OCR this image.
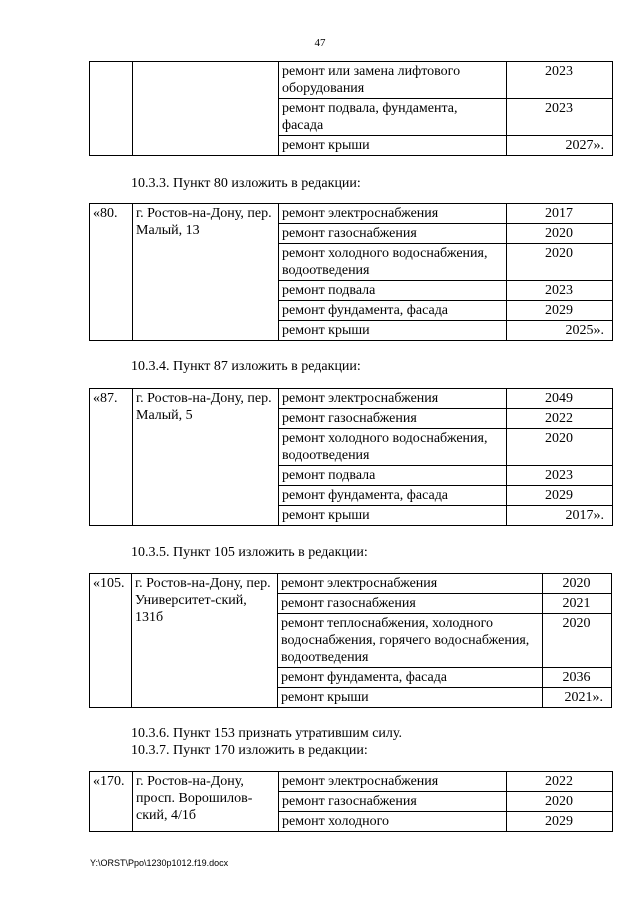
47
		ремонт или замена лифтового оборудования	2023
		ремонт подвала, фундамента, фасада	2023
		ремонт крыши	2027».
10.3.3. Пункт 80 изложить в редакции:
«80.	г. Ростов-на-Дону, пер. Малый, 13	ремонт электроснабжения	2017
		ремонт газоснабжения	2020
		ремонт холодного водоснабжения, водоотведения	2020
		ремонт подвала	2023
		ремонт фундамента, фасада	2029
		ремонт крыши	2025».
10.3.4. Пункт 87 изложить в редакции:
«87.	г. Ростов-на-Дону, пер. Малый, 5	ремонт электроснабжения	2049
		ремонт газоснабжения	2022
		ремонт холодного водоснабжения, водоотведения	2020
		ремонт подвала	2023
		ремонт фундамента, фасада	2029
		ремонт крыши	2017».
10.3.5. Пункт 105 изложить в редакции:
«105.	г. Ростов-на-Дону, пер. Университет-ский, 131б	ремонт электроснабжения	2020
		ремонт газоснабжения	2021
		ремонт теплоснабжения, холодного водоснабжения, горячего водоснабжения, водоотведения	2020
		ремонт фундамента, фасада	2036
		ремонт крыши	2021».
10.3.6. Пункт 153 признать утратившим силу.
10.3.7. Пункт 170 изложить в редакции:
«170.	г. Ростов-на-Дону, просп. Ворошилов-ский, 4/1б	ремонт электроснабжения	2022
		ремонт газоснабжения	2020
		ремонт холодного	2029
Y:\ORST\Ppo\1230p1012.f19.docx
